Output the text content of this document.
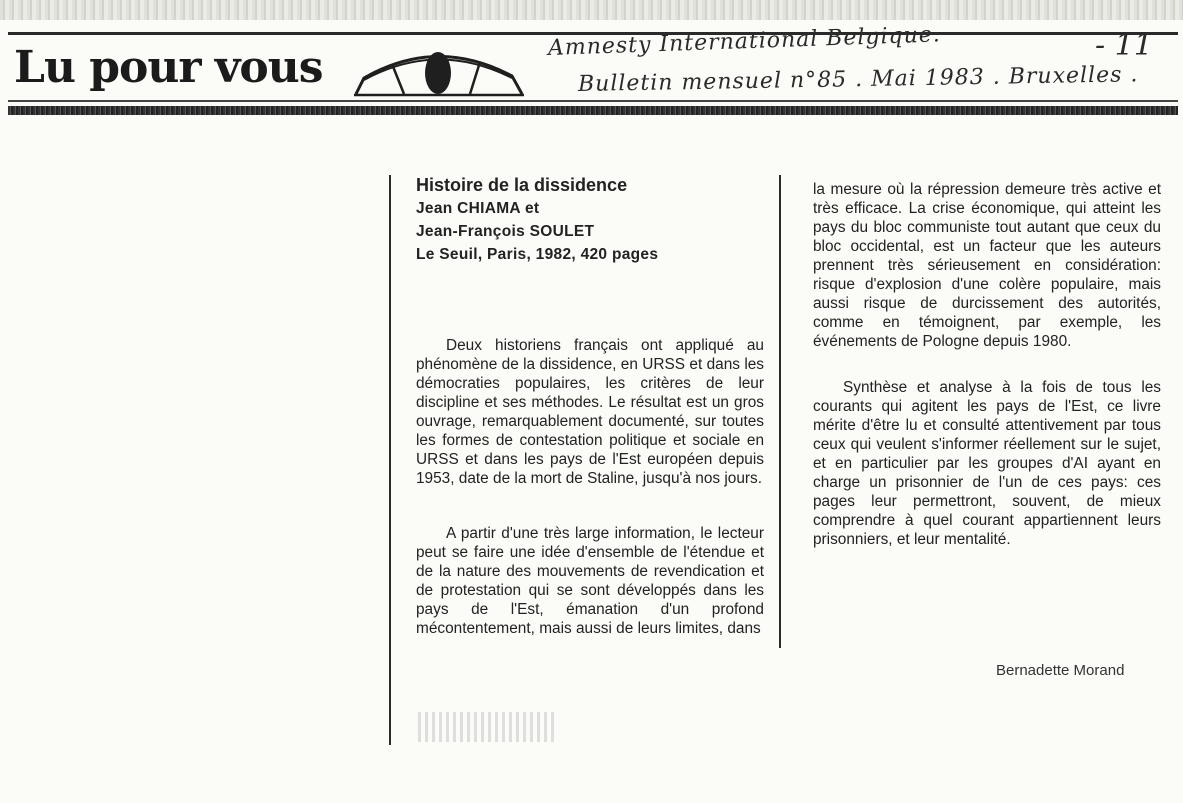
Lu pour vous
Amnesty International Belgique.
Bulletin mensuel n°85 . Mai 1983 . Bruxelles .
- 11

Histoire de la dissidence

Jean CHIAMA et

Jean-François SOULET

Le Seuil, Paris, 1982, 420 pages

Deux historiens français ont appliqué au phénomène de la dissidence, en URSS et dans les démocraties populaires, les critères de leur discipline et ses méthodes. Le résultat est un gros ouvrage, remarquablement documenté, sur toutes les formes de contestation politique et sociale en URSS et dans les pays de l'Est européen depuis 1953, date de la mort de Staline, jusqu'à nos jours.

A partir d'une très large information, le lecteur peut se faire une idée d'ensemble de l'étendue et de la nature des mouvements de revendication et de protestation qui se sont développés dans les pays de l'Est, émanation d'un profond mécontentement, mais aussi de leurs limites, dans

la mesure où la répression demeure très active et très efficace. La crise économique, qui atteint les pays du bloc communiste tout autant que ceux du bloc occidental, est un facteur que les auteurs prennent très sérieusement en considération: risque d'explosion d'une colère populaire, mais aussi risque de durcissement des autorités, comme en témoignent, par exemple, les événements de Pologne depuis 1980.

Synthèse et analyse à la fois de tous les courants qui agitent les pays de l'Est, ce livre mérite d'être lu et consulté attentivement par tous ceux qui veulent s'informer réellement sur le sujet, et en particulier par les groupes d'AI ayant en charge un prisonnier de l'un de ces pays: ces pages leur permettront, souvent, de mieux comprendre à quel courant appartiennent leurs prisonniers, et leur mentalité.

Bernadette Morand
